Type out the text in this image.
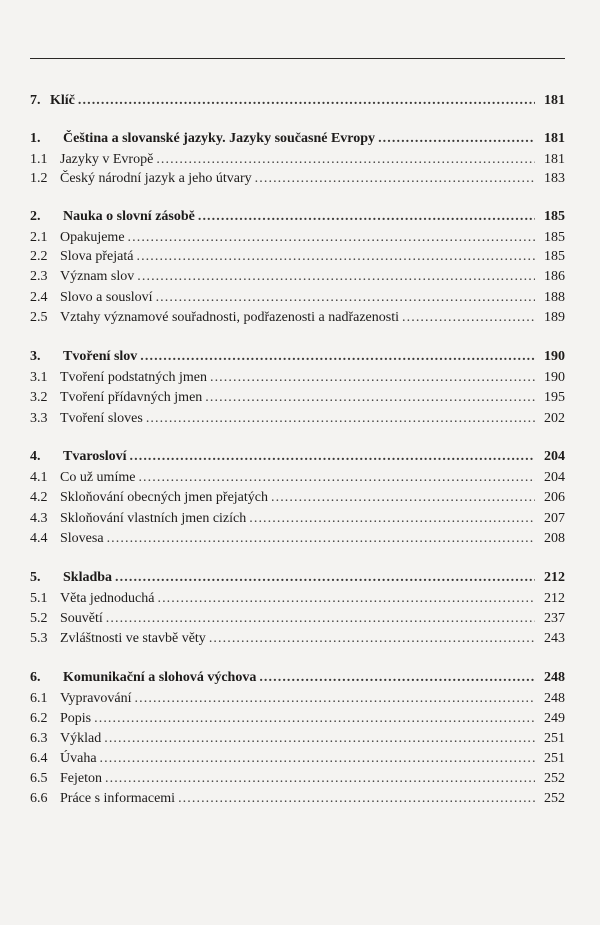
7. Klíč . . .	181
1.	Čeština a slovanské jazyky. Jazyky současné Evropy . . .	181
1.1 Jazyky v Evropě . . .	181
1.2 Český národní jazyk a jeho útvary . . .	183
2.	Nauka o slovní zásobě . . .	185
2.1 Opakujeme . . .	185
2.2 Slova přejatá . . .	185
2.3 Význam slov . . .	186
2.4 Slovo a sousloví . . .	188
2.5 Vztahy významové souřadnosti, podřazenosti a nadřazenosti . . .	189
3.	Tvoření slov . . .	190
3.1 Tvoření podstatných jmen . . .	190
3.2 Tvoření přídavných jmen . . .	195
3.3 Tvoření sloves . . .	202
4.	Tvarosloví . . .	204
4.1 Co už umíme . . .	204
4.2 Skloňování obecných jmen přejatých . . .	206
4.3 Skloňování vlastních jmen cizích . . .	207
4.4 Slovesa . . .	208
5.	Skladba . . .	212
5.1 Věta jednoduchá . . .	212
5.2 Souvětí . . .	237
5.3 Zvláštnosti ve stavbě věty . . .	243
6.	Komunikační a slohová výchova . . .	248
6.1 Vypravování . . .	248
6.2 Popis . . .	249
6.3 Výklad . . .	251
6.4 Úvaha . . .	251
6.5 Fejeton . . .	252
6.6 Práce s informacemi . . .	252
